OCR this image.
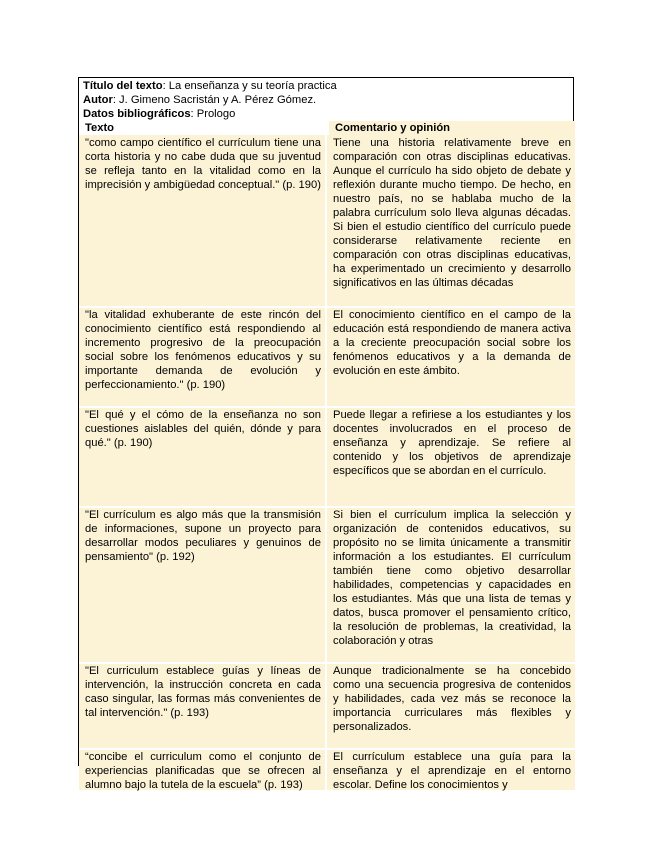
Título del texto: La enseñanza y su teoría practica
Autor: J. Gimeno Sacristán y A. Pérez Gómez.
Datos bibliográficos: Prologo
Texto	Comentario y opinión
"como campo científico el currículum tiene una corta historia y no cabe duda que su juventud se refleja tanto en la vitalidad como en la imprecisión y ambigüedad conceptual." (p. 190)
Tiene una historia relativamente breve en comparación con otras disciplinas educativas. Aunque el currículo ha sido objeto de debate y reflexión durante mucho tiempo. De hecho, en nuestro país, no se hablaba mucho de la palabra currículum solo lleva algunas décadas. Si bien el estudio científico del currículo puede considerarse relativamente reciente en comparación con otras disciplinas educativas, ha experimentado un crecimiento y desarrollo significativos en las últimas décadas
"la vitalidad exhuberante de este rincón del conocimiento científico está respondiendo al incremento progresivo de la preocupación social sobre los fenómenos educativos y su importante demanda de evolución y perfeccionamiento." (p. 190)
El conocimiento científico en el campo de la educación está respondiendo de manera activa a la creciente preocupación social sobre los fenómenos educativos y a la demanda de evolución en este ámbito.
"El qué y el cómo de la enseñanza no son cuestiones aislables del quién, dónde y para qué." (p. 190)
Puede llegar a refiriese a los estudiantes y los docentes involucrados en el proceso de enseñanza y aprendizaje. Se refiere al contenido y los objetivos de aprendizaje específicos que se abordan en el currículo.
"El currículum es algo más que la transmisión de informaciones, supone un proyecto para desarrollar modos peculiares y genuinos de pensamiento" (p. 192)
Si bien el currículum implica la selección y organización de contenidos educativos, su propósito no se limita únicamente a transmitir información a los estudiantes. El currículum también tiene como objetivo desarrollar habilidades, competencias y capacidades en los estudiantes. Más que una lista de temas y datos, busca promover el pensamiento crítico, la resolución de problemas, la creatividad, la colaboración y otras
"El curriculum establece guías y líneas de intervención, la instrucción concreta en cada caso singular, las formas más convenientes de tal intervención." (p. 193)
Aunque tradicionalmente se ha concebido como una secuencia progresiva de contenidos y habilidades, cada vez más se reconoce la importancia curriculares más flexibles y personalizados.
“concibe el curriculum como el conjunto de experiencias planificadas que se ofrecen al alumno bajo la tutela de la escuela” (p. 193)
El currículum establece una guía para la enseñanza y el aprendizaje en el entorno escolar. Define los conocimientos y
